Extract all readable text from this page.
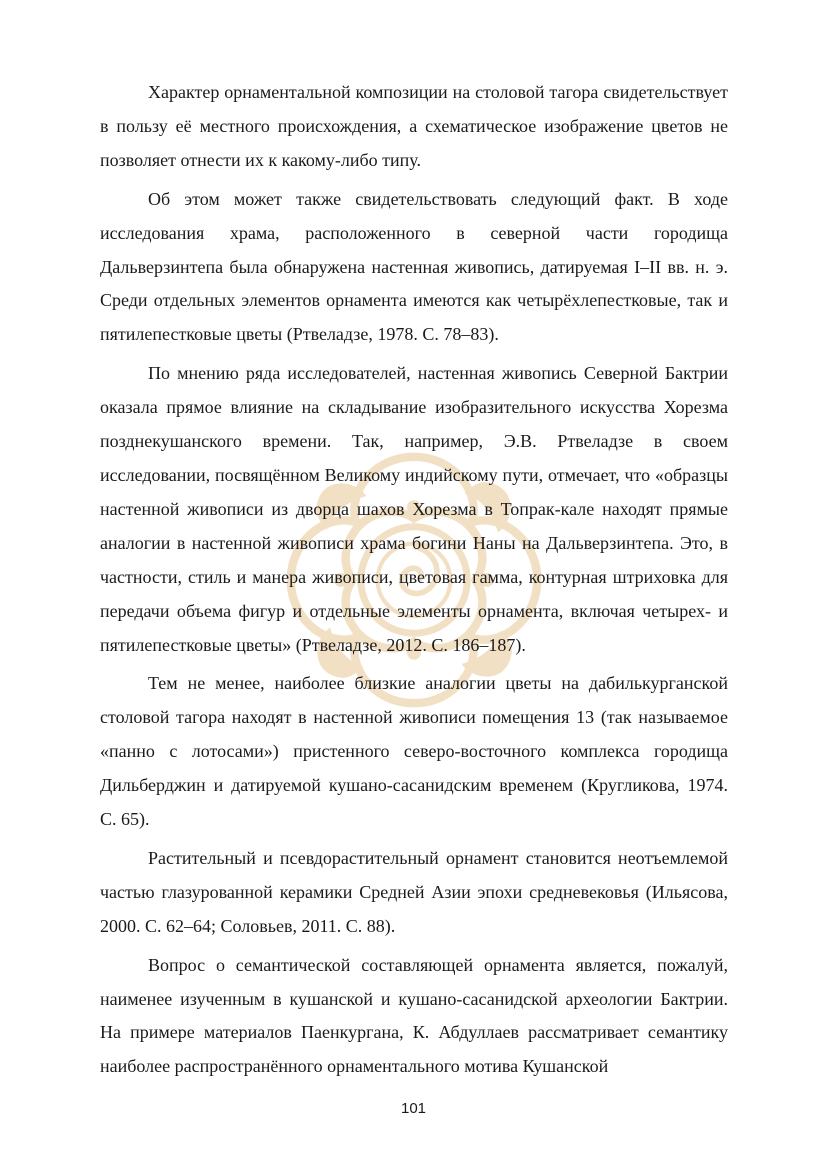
Характер орнаментальной композиции на столовой тагора свидетельствует в пользу её местного происхождения, а схематическое изображение цветов не позволяет отнести их к какому-либо типу.

Об этом может также свидетельствовать следующий факт. В ходе исследования храма, расположенного в северной части городища Дальверзинтепа была обнаружена настенная живопись, датируемая I–II вв. н. э. Среди отдельных элементов орнамента имеются как четырёхлепестковые, так и пятилепестковые цветы (Ртвеладзе, 1978. С. 78–83).

По мнению ряда исследователей, настенная живопись Северной Бактрии оказала прямое влияние на складывание изобразительного искусства Хорезма позднекушанского времени. Так, например, Э.В. Ртвеладзе в своем исследовании, посвящённом Великому индийскому пути, отмечает, что «образцы настенной живописи из дворца шахов Хорезма в Топрак-кале находят прямые аналогии в настенной живописи храма богини Наны на Дальверзинтепа. Это, в частности, стиль и манера живописи, цветовая гамма, контурная штриховка для передачи объема фигур и отдельные элементы орнамента, включая четырех- и пятилепестковые цветы» (Ртвеладзе, 2012. С. 186–187).

Тем не менее, наиболее близкие аналогии цветы на дабилькурганской столовой тагора находят в настенной живописи помещения 13 (так называемое «панно с лотосами») пристенного северо-восточного комплекса городища Дильберджин и датируемой кушано-сасанидским временем (Кругликова, 1974. С. 65).

Растительный и псевдорастительный орнамент становится неотъемлемой частью глазурованной керамики Средней Азии эпохи средневековья (Ильясова, 2000. С. 62–64; Соловьев, 2011. С. 88).

Вопрос о семантической составляющей орнамента является, пожалуй, наименее изученным в кушанской и кушано-сасанидской археологии Бактрии. На примере материалов Паенкургана, К. Абдуллаев рассматривает семантику наиболее распространённого орнаментального мотива Кушанской

101
